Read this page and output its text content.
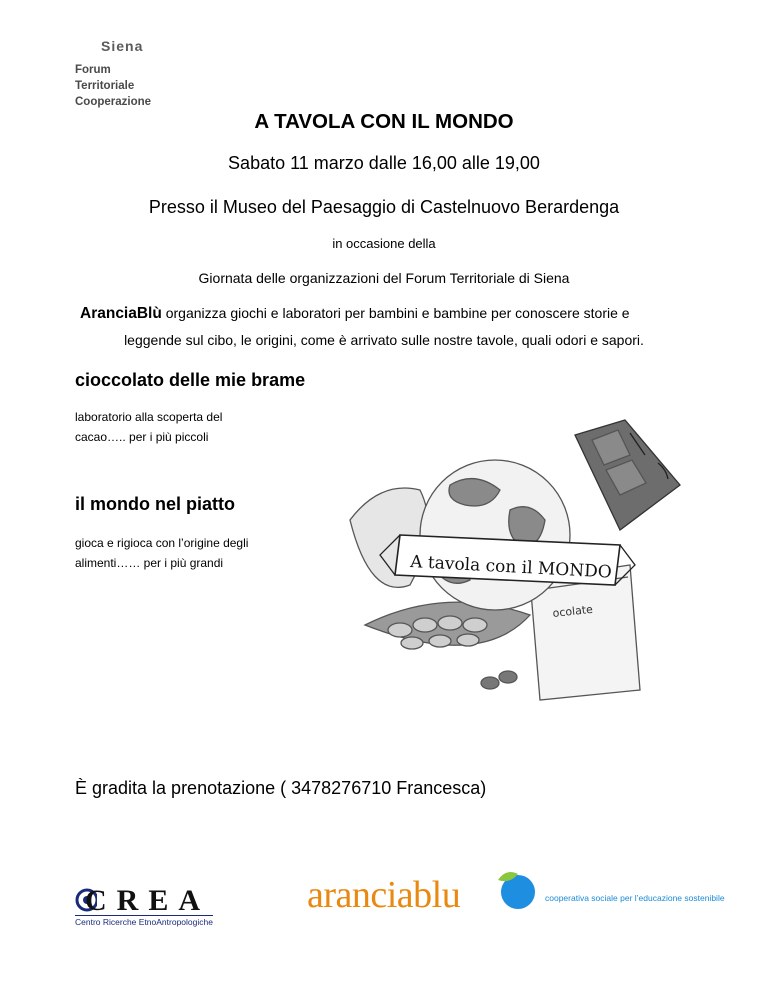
Siena
Forum
Territoriale
Cooperazione
A TAVOLA CON IL MONDO
Sabato 11 marzo dalle 16,00 alle 19,00
Presso il Museo del Paesaggio di Castelnuovo Berardenga
in occasione della
Giornata delle organizzazioni del Forum Territoriale di Siena
AranciaBlù organizza giochi e laboratori per bambini e bambine per conoscere storie e
leggende sul cibo, le origini, come è arrivato sulle nostre tavole, quali odori e sapori.
cioccolato delle mie brame
laboratorio alla scoperta del
cacao….. per i più piccoli
il mondo nel piatto
gioca e rigioca con l’origine degli
alimenti…… per i più grandi	A tavola con il MONDO
ocolate
È gradita la prenotazione ( 3478276710 Francesca)
CREA
Centro Ricerche EtnoAntropologiche
aranciablu	cooperativa sociale per l’educazione sostenibile
